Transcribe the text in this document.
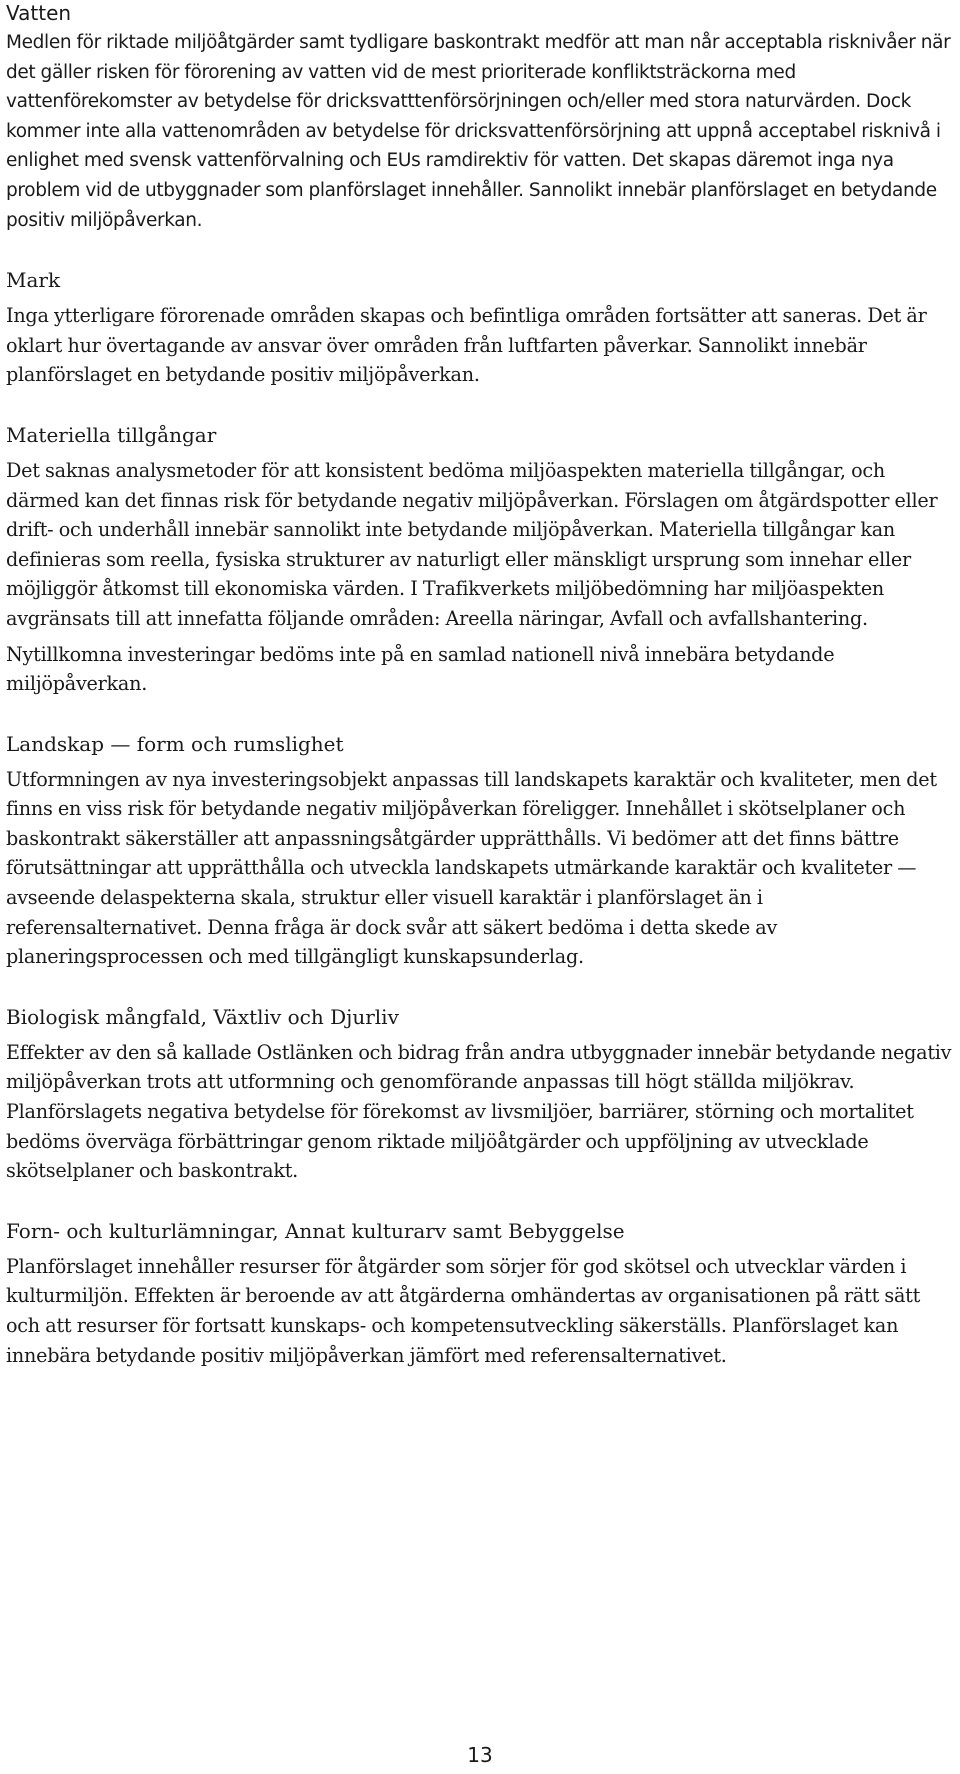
Vatten

Medlen för riktade miljöåtgärder samt tydligare baskontrakt medför att man når acceptabla risknivåer när det gäller risken för förorening av vatten vid de mest prioriterade konfliktsträckorna med vattenförekomster av betydelse för dricksvatttenförsörjningen och/eller med stora naturvärden. Dock kommer inte alla vattenområden av betydelse för dricksvattenförsörjning att uppnå acceptabel risknivå i enlighet med svensk vattenförvalning och EUs ramdirektiv för vatten. Det skapas däremot inga nya problem vid de utbyggnader som planförslaget innehåller. Sannolikt innebär planförslaget en betydande positiv miljöpåverkan.

Mark

Inga ytterligare förorenade områden skapas och befintliga områden fortsätter att saneras. Det är oklart hur övertagande av ansvar över områden från luftfarten påverkar. Sannolikt innebär planförslaget en betydande positiv miljöpåverkan.

Materiella tillgångar

Det saknas analysmetoder för att konsistent bedöma miljöaspekten materiella tillgångar, och därmed kan det finnas risk för betydande negativ miljöpåverkan. Förslagen om åtgärdspotter eller drift- och underhåll innebär sannolikt inte betydande miljöpåverkan. Materiella tillgångar kan definieras som reella, fysiska strukturer av naturligt eller mänskligt ursprung som innehar eller möjliggör åtkomst till ekonomiska värden. I Trafikverkets miljöbedömning har miljöaspekten avgränsats till att innefatta följande områden: Areella näringar, Avfall och avfallshantering.

Nytillkomna investeringar bedöms inte på en samlad nationell nivå innebära betydande miljöpåverkan.

Landskap — form och rumslighet

Utformningen av nya investeringsobjekt anpassas till landskapets karaktär och kvaliteter, men det finns en viss risk för betydande negativ miljöpåverkan föreligger. Innehållet i skötselplaner och baskontrakt säkerställer att anpassningsåtgärder upprätthålls. Vi bedömer att det finns bättre förutsättningar att upprätthålla och utveckla landskapets utmärkande karaktär och kvaliteter — avseende delaspekterna skala, struktur eller visuell karaktär i planförslaget än i referensalternativet. Denna fråga är dock svår att säkert bedöma i detta skede av planeringsprocessen och med tillgängligt kunskapsunderlag.

Biologisk mångfald, Växtliv och Djurliv

Effekter av den så kallade Ostlänken och bidrag från andra utbyggnader innebär betydande negativ miljöpåverkan trots att utformning och genomförande anpassas till högt ställda miljökrav. Planförslagets negativa betydelse för förekomst av livsmiljöer, barriärer, störning och mortalitet bedöms överväga förbättringar genom riktade miljöåtgärder och uppföljning av utvecklade skötselplaner och baskontrakt.

Forn- och kulturlämningar, Annat kulturarv samt Bebyggelse

Planförslaget innehåller resurser för åtgärder som sörjer för god skötsel och utvecklar värden i kulturmiljön. Effekten är beroende av att åtgärderna omhändertas av organisationen på rätt sätt och att resurser för fortsatt kunskaps- och kompetensutveckling säkerställs. Planförslaget kan innebära betydande positiv miljöpåverkan jämfört med referensalternativet.

13
